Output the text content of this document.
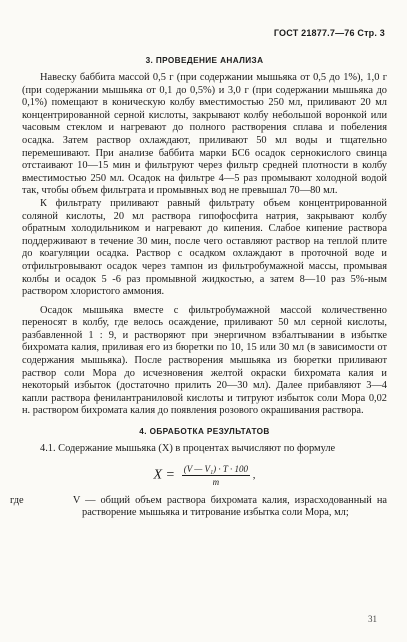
ГОСТ 21877.7—76 Стр. 3
3. ПРОВЕДЕНИЕ АНАЛИЗА

Навеску баббита массой 0,5 г (при содержании мышьяка от 0,5 до 1%), 1,0 г (при содержании мышьяка от 0,1 до 0,5%) и 3,0 г (при содержании мышьяка до 0,1%) помещают в коническую колбу вместимостью 250 мл, приливают 20 мл концентрированной серной кислоты, закрывают колбу небольшой воронкой или часовым стеклом и нагревают до полного растворения сплава и побеления осадка. Затем раствор охлаждают, приливают 50 мл воды и тщательно перемешивают. При анализе баббита марки БС6 осадок сернокислого свинца отстаивают 10—15 мин и фильтруют через фильтр средней плотности в колбу вместимостью 250 мл. Осадок на фильтре 4—5 раз промывают холодной водой так, чтобы объем фильтрата и промывных вод не превышал 70—80 мл.

К фильтрату приливают равный фильтрату объем концентрированной соляной кислоты, 20 мл раствора гипофосфита натрия, закрывают колбу обратным холодильником и нагревают до кипения. Слабое кипение раствора поддерживают в течение 30 мин, после чего оставляют раствор на теплой плите до коагуляции осадка. Раствор с осадком охлаждают в проточной воде и отфильтровывают осадок через тампон из фильтробумажной массы, промывая колбы и осадок 5 -6 раз промывной жидкостью, а затем 8—10 раз 5%-ным раствором хлористого аммония.

Осадок мышьяка вместе с фильтробумажной массой количественно переносят в колбу, где велось осаждение, приливают 50 мл серной кислоты, разбавленной 1 : 9, и растворяют при энергичном взбалтывании в избытке бихромата калия, приливая его из бюретки по 10, 15 или 30 мл (в зависимости от содержания мышьяка). После растворения мышьяка из бюретки приливают раствор соли Мора до исчезновения желтой окраски бихромата калия и некоторый избыток (достаточно прилить 20—30 мл). Далее прибавляют 3—4 капли раствора фенилантраниловой кислоты и титруют избыток соли Мора 0,02 н. раствором бихромата калия до появления розового окрашивания раствора.

4. ОБРАБОТКА РЕЗУЛЬТАТОВ

4.1. Содержание мышьяка (X) в процентах вычисляют по формуле

$X = \frac{\text{(V — V₁) · T · 100}}{m}$ ,
где	V — общий объем раствора бихромата калия, израсходованный на растворение мышьяка и титрование избытка соли Мора, мл;
31
